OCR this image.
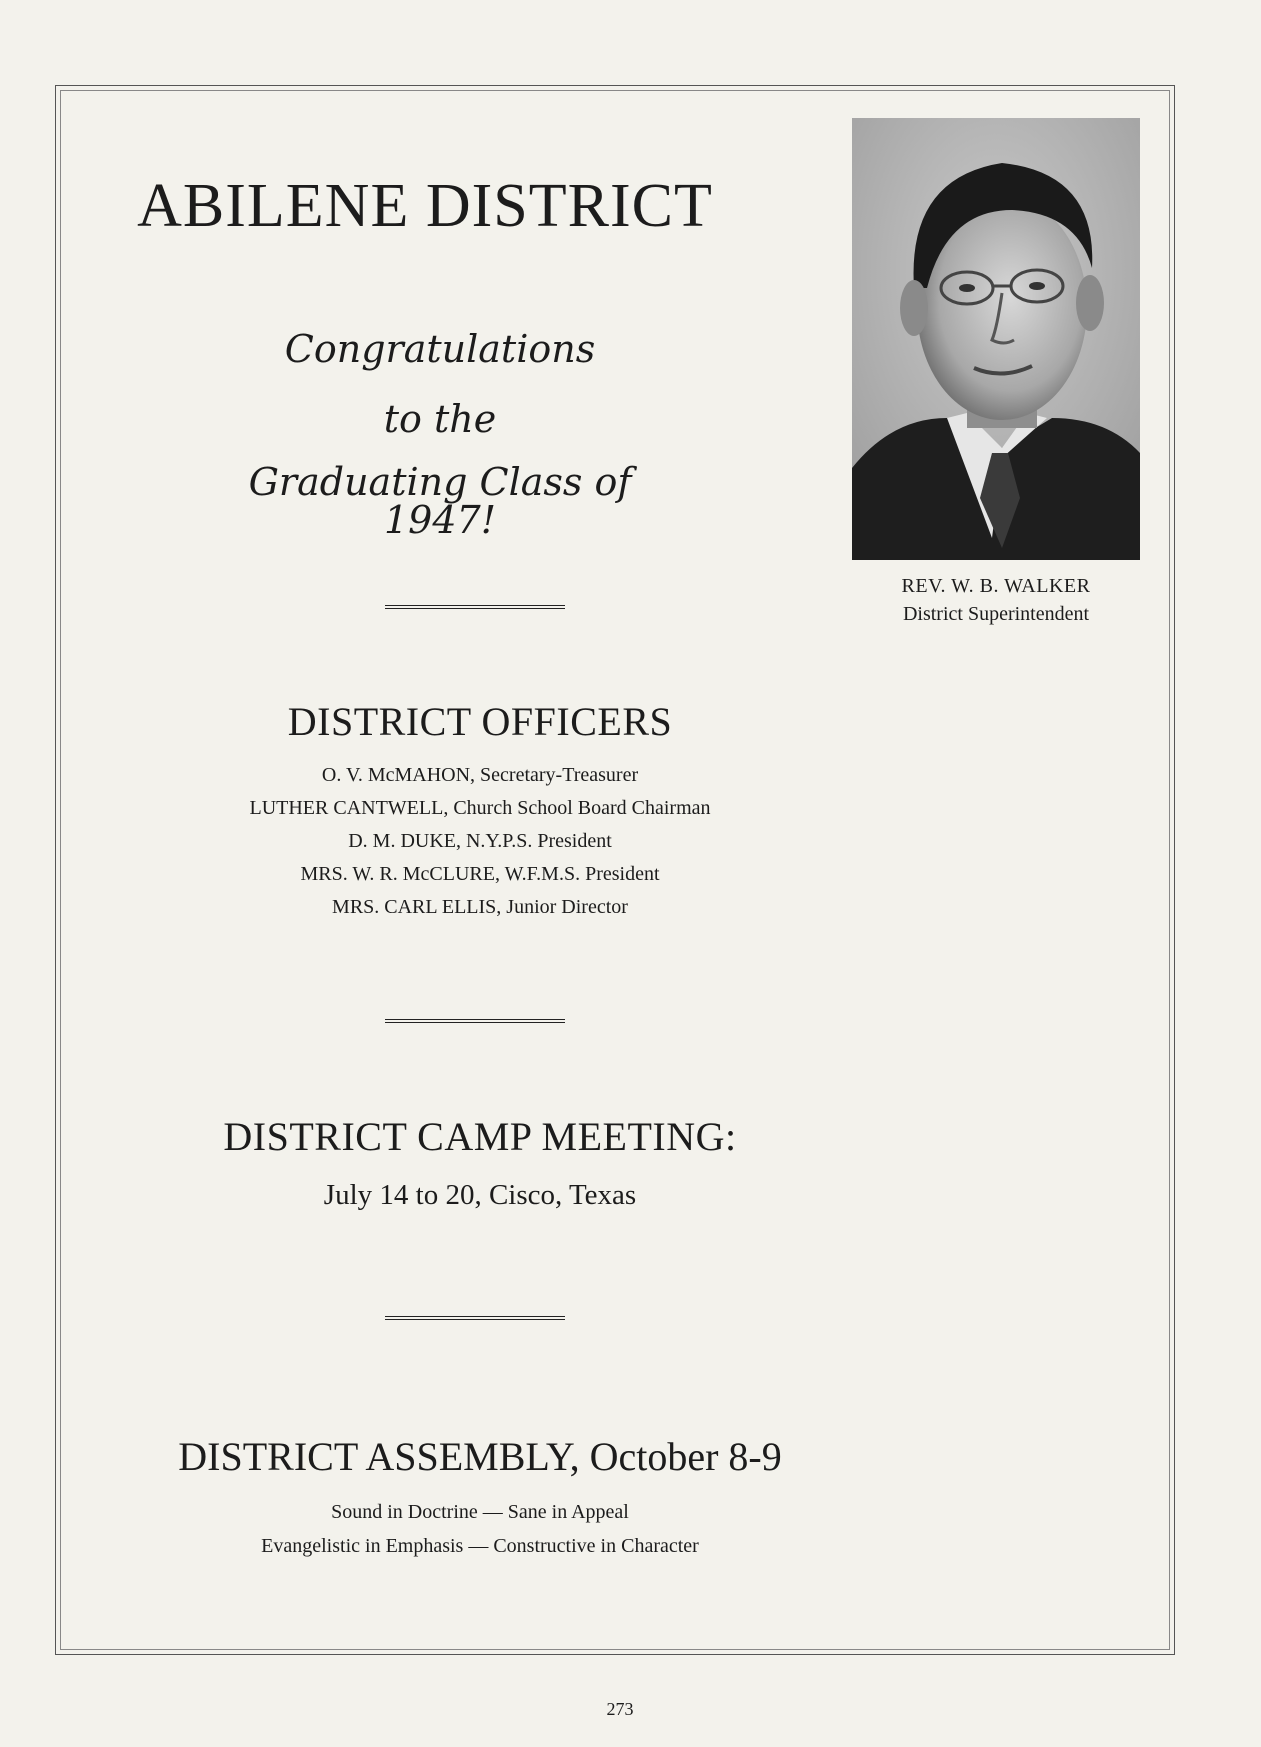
ABILENE DISTRICT

Congratulations

to the

Graduating Class of 1947!

REV. W. B. WALKER
District Superintendent
DISTRICT OFFICERS
O. V. McMAHON, Secretary-Treasurer
LUTHER CANTWELL, Church School Board Chairman
D. M. DUKE, N.Y.P.S. President
MRS. W. R. McCLURE, W.F.M.S. President
MRS. CARL ELLIS, Junior Director
DISTRICT CAMP MEETING:
July 14 to 20, Cisco, Texas
DISTRICT ASSEMBLY, October 8-9
Sound in Doctrine — Sane in Appeal
Evangelistic in Emphasis — Constructive in Character
273
